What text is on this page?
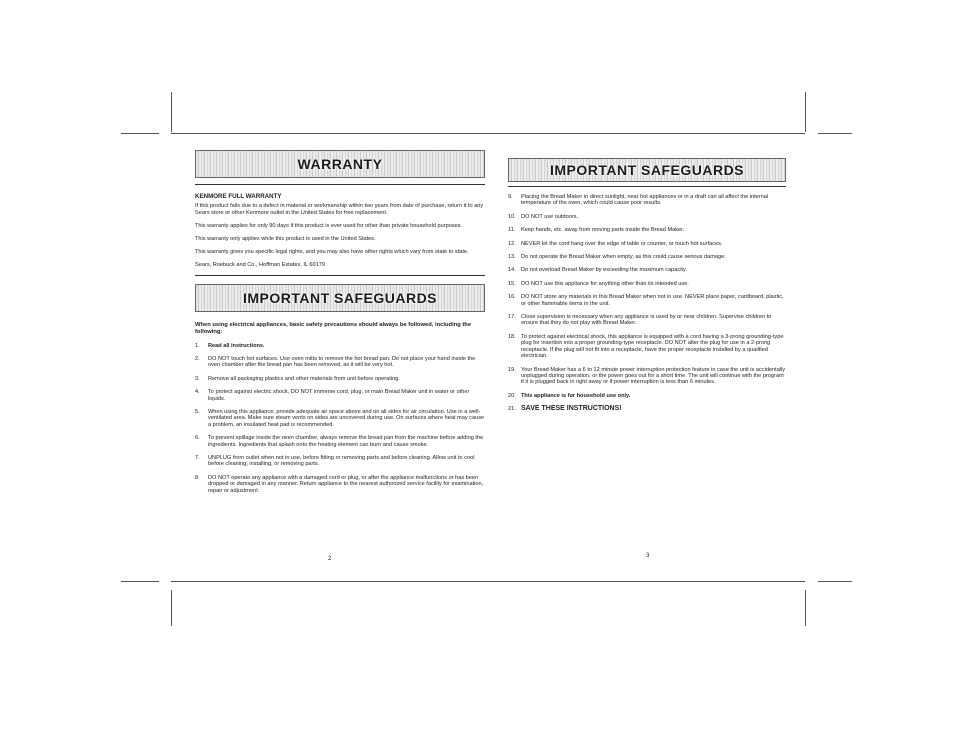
WARRANTY
KENMORE FULL WARRANTY

If this product fails due to a defect in material or workmanship within two years from date of purchase, return it to any Sears store or other Kenmore outlet in the United States for free replacement.

This warranty applies for only 90 days if this product is ever used for other than private household purposes.

This warranty only applies while this product is used in the United States.

This warranty gives you specific legal rights, and you may also have other rights which vary from state to state.

Sears, Roebuck and Co., Hoffman Estates, IL 60179

IMPORTANT SAFEGUARDS
When using electrical appliances, basic safety precautions should always be followed, including the following:
1.	Read all instructions.
2.	DO NOT touch hot surfaces. Use oven mitts to remove the hot bread pan. Do not place your hand inside the oven chamber after the bread pan has been removed, as it will be very hot.
3.	Remove all packaging plastics and other materials from unit before operating.
4.	To protect against electric shock, DO NOT immerse cord, plug, or main Bread Maker unit in water or other liquids.
5.	When using this appliance, provide adequate air space above and on all sides for air circulation. Use in a well-ventilated area. Make sure steam vents on sides are uncovered during use. On surfaces where heat may cause a problem, an insulated heat pad is recommended.
6.	To prevent spillage inside the oven chamber, always remove the bread pan from the machine before adding the ingredients. Ingredients that splash onto the heating element can burn and cause smoke.
7.	UNPLUG from outlet when not in use, before fitting or removing parts and before cleaning. Allow unit to cool before cleaning, installing, or removing parts.
8.	DO NOT operate any appliance with a damaged cord or plug, or after the appliance malfunctions or has been dropped or damaged in any manner. Return appliance to the nearest authorized service facility for examination, repair or adjustment.
2
IMPORTANT SAFEGUARDS
9.	Placing the Bread Maker in direct sunlight, near hot appliances or in a draft can all affect the internal temperature of the oven, which could cause poor results.
10. DO NOT use outdoors.
11.	Keep hands, etc. away from moving parts inside the Bread Maker.
12. NEVER let the cord hang over the edge of table or counter, or touch hot surfaces.
13. Do not operate the Bread Maker when empty, as this could cause serious damage.
14. Do not overload Bread Maker by exceeding the maximum capacity.
15. DO NOT use this appliance for anything other than its intended use.
16. DO NOT store any materials in this Bread Maker when not in use. NEVER place paper, cardboard, plastic, or other flammable items in the unit.
17. Close supervision is necessary when any appliance is used by or near children. Supervise children to ensure that they do not play with Bread Maker.
18. To protect against electrical shock, this appliance is equipped with a cord having a 3-prong grounding-type plug for insertion into a proper grounding-type receptacle. DO NOT alter the plug for use in a 2-prong receptacle. If the plug will not fit into a receptacle, have the proper receptacle installed by a qualified electrician.
19. Your Bread Maker has a 6 to 12 minute power interruption protection feature in case the unit is accidentally unplugged during operation, or the power goes out for a short time. The unit will continue with the program if it is plugged back in right away or if power interruption is less than 6 minutes.
20. This appliance is for household use only.
21. SAVE THESE INSTRUCTIONS!
3
